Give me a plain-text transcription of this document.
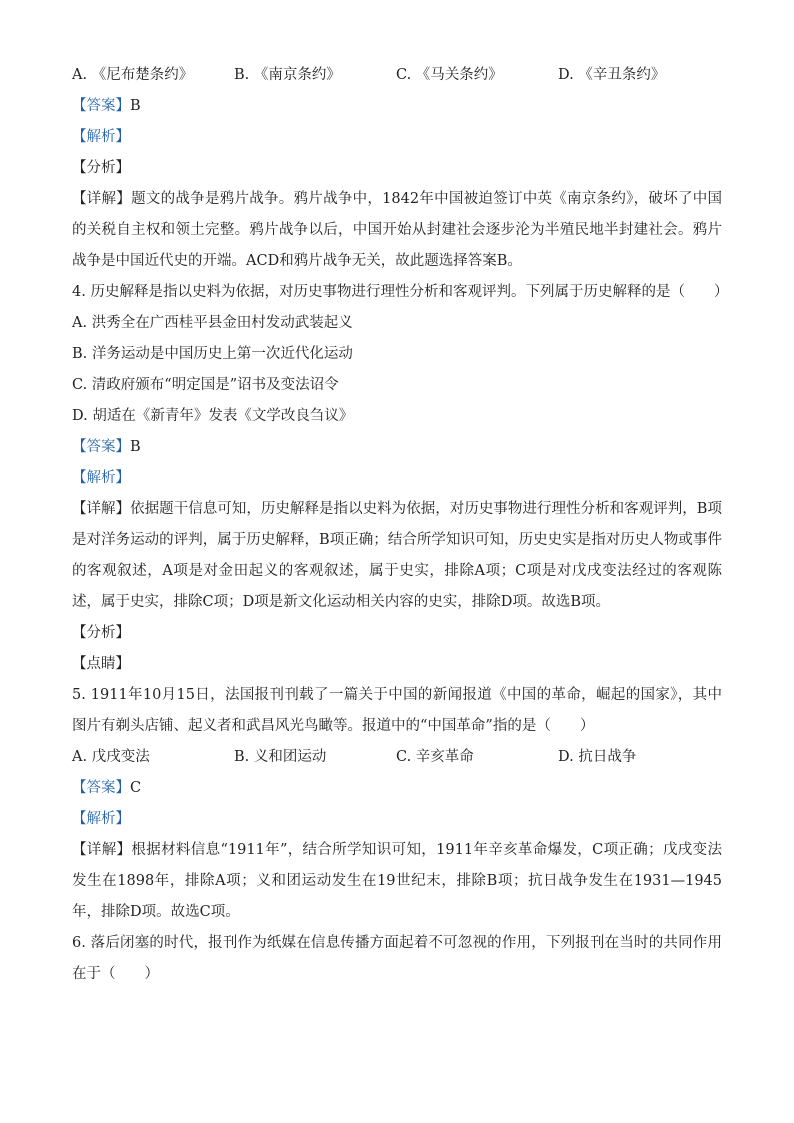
A. 《尼布楚条约》	B. 《南京条约》	C. 《马关条约》	D. 《辛丑条约》
【答案】B
【解析】
【分析】
【详解】题文的战争是鸦片战争。鸦片战争中，1842年中国被迫签订中英《南京条约》，破坏了中国的关税自主权和领土完整。鸦片战争以后，中国开始从封建社会逐步沦为半殖民地半封建社会。鸦片战争是中国近代史的开端。ACD和鸦片战争无关，故此题选择答案B。
4. 历史解释是指以史料为依据，对历史事物进行理性分析和客观评判。下列属于历史解释的是（　　）
A. 洪秀全在广西桂平县金田村发动武装起义
B. 洋务运动是中国历史上第一次近代化运动
C. 清政府颁布“明定国是”诏书及变法诏令
D. 胡适在《新青年》发表《文学改良刍议》
【答案】B
【解析】
【详解】依据题干信息可知，历史解释是指以史料为依据，对历史事物进行理性分析和客观评判，B项是对洋务运动的评判，属于历史解释，B项正确；结合所学知识可知，历史史实是指对历史人物或事件的客观叙述，A项是对金田起义的客观叙述，属于史实，排除A项；C项是对戊戌变法经过的客观陈述，属于史实，排除C项；D项是新文化运动相关内容的史实，排除D项。故选B项。
【分析】
【点睛】
5. 1911年10月15日，法国报刊刊载了一篇关于中国的新闻报道《中国的革命，崛起的国家》，其中图片有剃头店铺、起义者和武昌风光鸟瞰等。报道中的“中国革命”指的是（　　）
A. 戊戌变法	B. 义和团运动	C. 辛亥革命	D. 抗日战争
【答案】C
【解析】
【详解】根据材料信息“1911年”，结合所学知识可知，1911年辛亥革命爆发，C项正确；戊戌变法发生在1898年，排除A项；义和团运动发生在19世纪末，排除B项；抗日战争发生在1931—1945年，排除D项。故选C项。
6. 落后闭塞的时代，报刊作为纸媒在信息传播方面起着不可忽视的作用，下列报刊在当时的共同作用在于（　　）
